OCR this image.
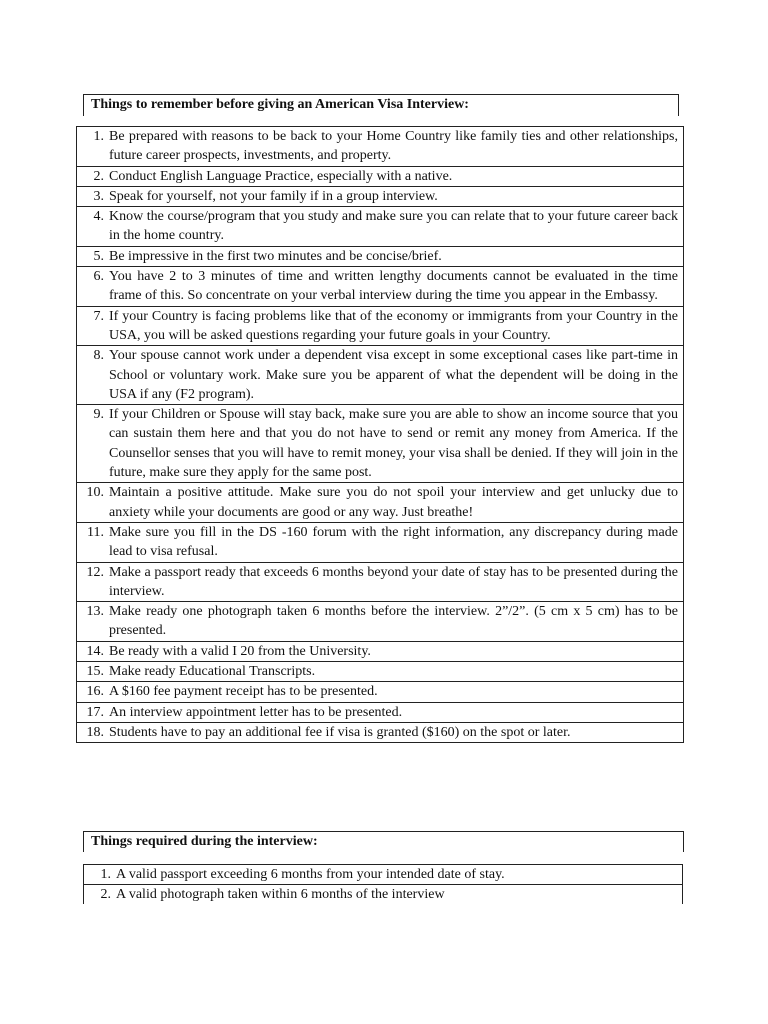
Things to remember before giving an American Visa Interview:
1. Be prepared with reasons to be back to your Home Country like family ties and other relationships, future career prospects, investments, and property.
2. Conduct English Language Practice, especially with a native.
3. Speak for yourself, not your family if in a group interview.
4. Know the course/program that you study and make sure you can relate that to your future career back in the home country.
5. Be impressive in the first two minutes and be concise/brief.
6. You have 2 to 3 minutes of time and written lengthy documents cannot be evaluated in the time frame of this. So concentrate on your verbal interview during the time you appear in the Embassy.
7. If your Country is facing problems like that of the economy or immigrants from your Country in the USA, you will be asked questions regarding your future goals in your Country.
8. Your spouse cannot work under a dependent visa except in some exceptional cases like part-time in School or voluntary work. Make sure you be apparent of what the dependent will be doing in the USA if any (F2 program).
9. If your Children or Spouse will stay back, make sure you are able to show an income source that you can sustain them here and that you do not have to send or remit any money from America. If the Counsellor senses that you will have to remit money, your visa shall be denied. If they will join in the future, make sure they apply for the same post.
10. Maintain a positive attitude. Make sure you do not spoil your interview and get unlucky due to anxiety while your documents are good or any way. Just breathe!
11. Make sure you fill in the DS -160 forum with the right information, any discrepancy during made lead to visa refusal.
12. Make a passport ready that exceeds 6 months beyond your date of stay has to be presented during the interview.
13. Make ready one photograph taken 6 months before the interview. 2”/2”. (5 cm x 5 cm) has to be presented.
14. Be ready with a valid I 20 from the University.
15. Make ready Educational Transcripts.
16. A $160 fee payment receipt has to be presented.
17. An interview appointment letter has to be presented.
18. Students have to pay an additional fee if visa is granted ($160) on the spot or later.
Things required during the interview:
1. A valid passport exceeding 6 months from your intended date of stay.
2. A valid photograph taken within 6 months of the interview
